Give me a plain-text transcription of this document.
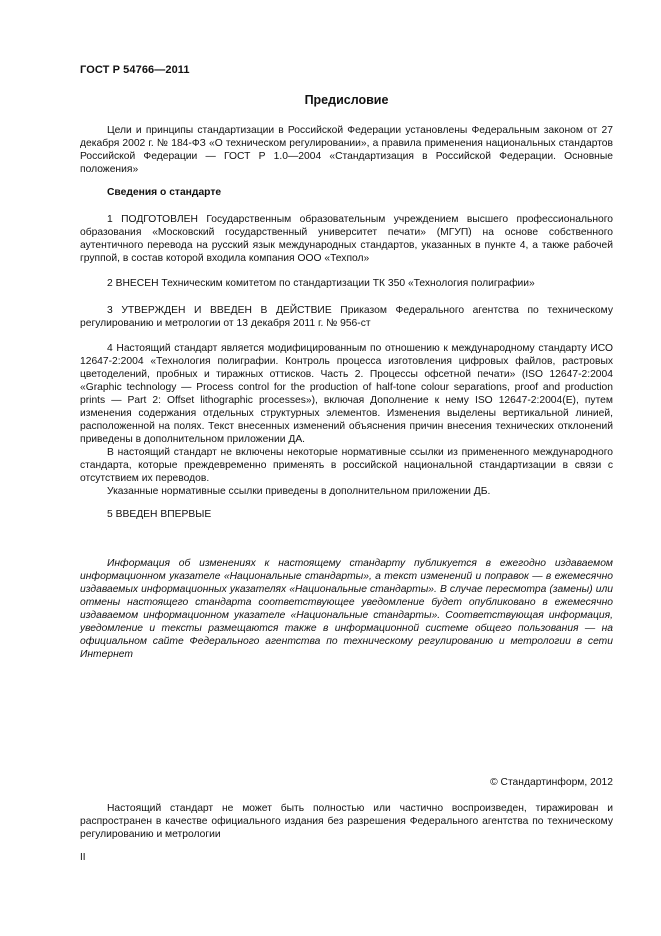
ГОСТ Р 54766—2011
Предисловие

Цели и принципы стандартизации в Российской Федерации установлены Федеральным законом от 27 декабря 2002 г. № 184-ФЗ «О техническом регулировании», а правила применения национальных стандартов Российской Федерации — ГОСТ Р 1.0—2004 «Стандартизация в Российской Федерации. Основные положения»

Сведения о стандарте

1 ПОДГОТОВЛЕН Государственным образовательным учреждением высшего профессионального образования «Московский государственный университет печати» (МГУП) на основе собственного аутентичного перевода на русский язык международных стандартов, указанных в пункте 4, а также рабочей группой, в состав которой входила компания ООО «Техпол»

2 ВНЕСЕН Техническим комитетом по стандартизации ТК 350 «Технология полиграфии»

3 УТВЕРЖДЕН И ВВЕДЕН В ДЕЙСТВИЕ Приказом Федерального агентства по техническому регулированию и метрологии от 13 декабря 2011 г. № 956-ст

4 Настоящий стандарт является модифицированным по отношению к международному стандарту ИСО 12647-2:2004 «Технология полиграфии. Контроль процесса изготовления цифровых файлов, растровых цветоделений, пробных и тиражных оттисков. Часть 2. Процессы офсетной печати» (ISO 12647-2:2004 «Graphic technology — Process control for the production of half-tone colour separations, proof and production prints — Part 2: Offset lithographic processes»), включая Дополнение к нему ISO 12647-2:2004(E), путем изменения содержания отдельных структурных элементов. Изменения выделены вертикальной линией, расположенной на полях. Текст внесенных изменений объяснения причин внесения технических отклонений приведены в дополнительном приложении ДА.

В настоящий стандарт не включены некоторые нормативные ссылки из примененного международного стандарта, которые преждевременно применять в российской национальной стандартизации в связи с отсутствием их переводов.

Указанные нормативные ссылки приведены в дополнительном приложении ДБ.

5 ВВЕДЕН ВПЕРВЫЕ

Информация об изменениях к настоящему стандарту публикуется в ежегодно издаваемом информационном указателе «Национальные стандарты», а текст изменений и поправок — в ежемесячно издаваемых информационных указателях «Национальные стандарты». В случае пересмотра (замены) или отмены настоящего стандарта соответствующее уведомление будет опубликовано в ежемесячно издаваемом информационном указателе «Национальные стандарты». Соответствующая информация, уведомление и тексты размещаются также в информационной системе общего пользования — на официальном сайте Федерального агентства по техническому регулированию и метрологии в сети Интернет

© Стандартинформ, 2012

Настоящий стандарт не может быть полностью или частично воспроизведен, тиражирован и распространен в качестве официального издания без разрешения Федерального агентства по техническому регулированию и метрологии

II
